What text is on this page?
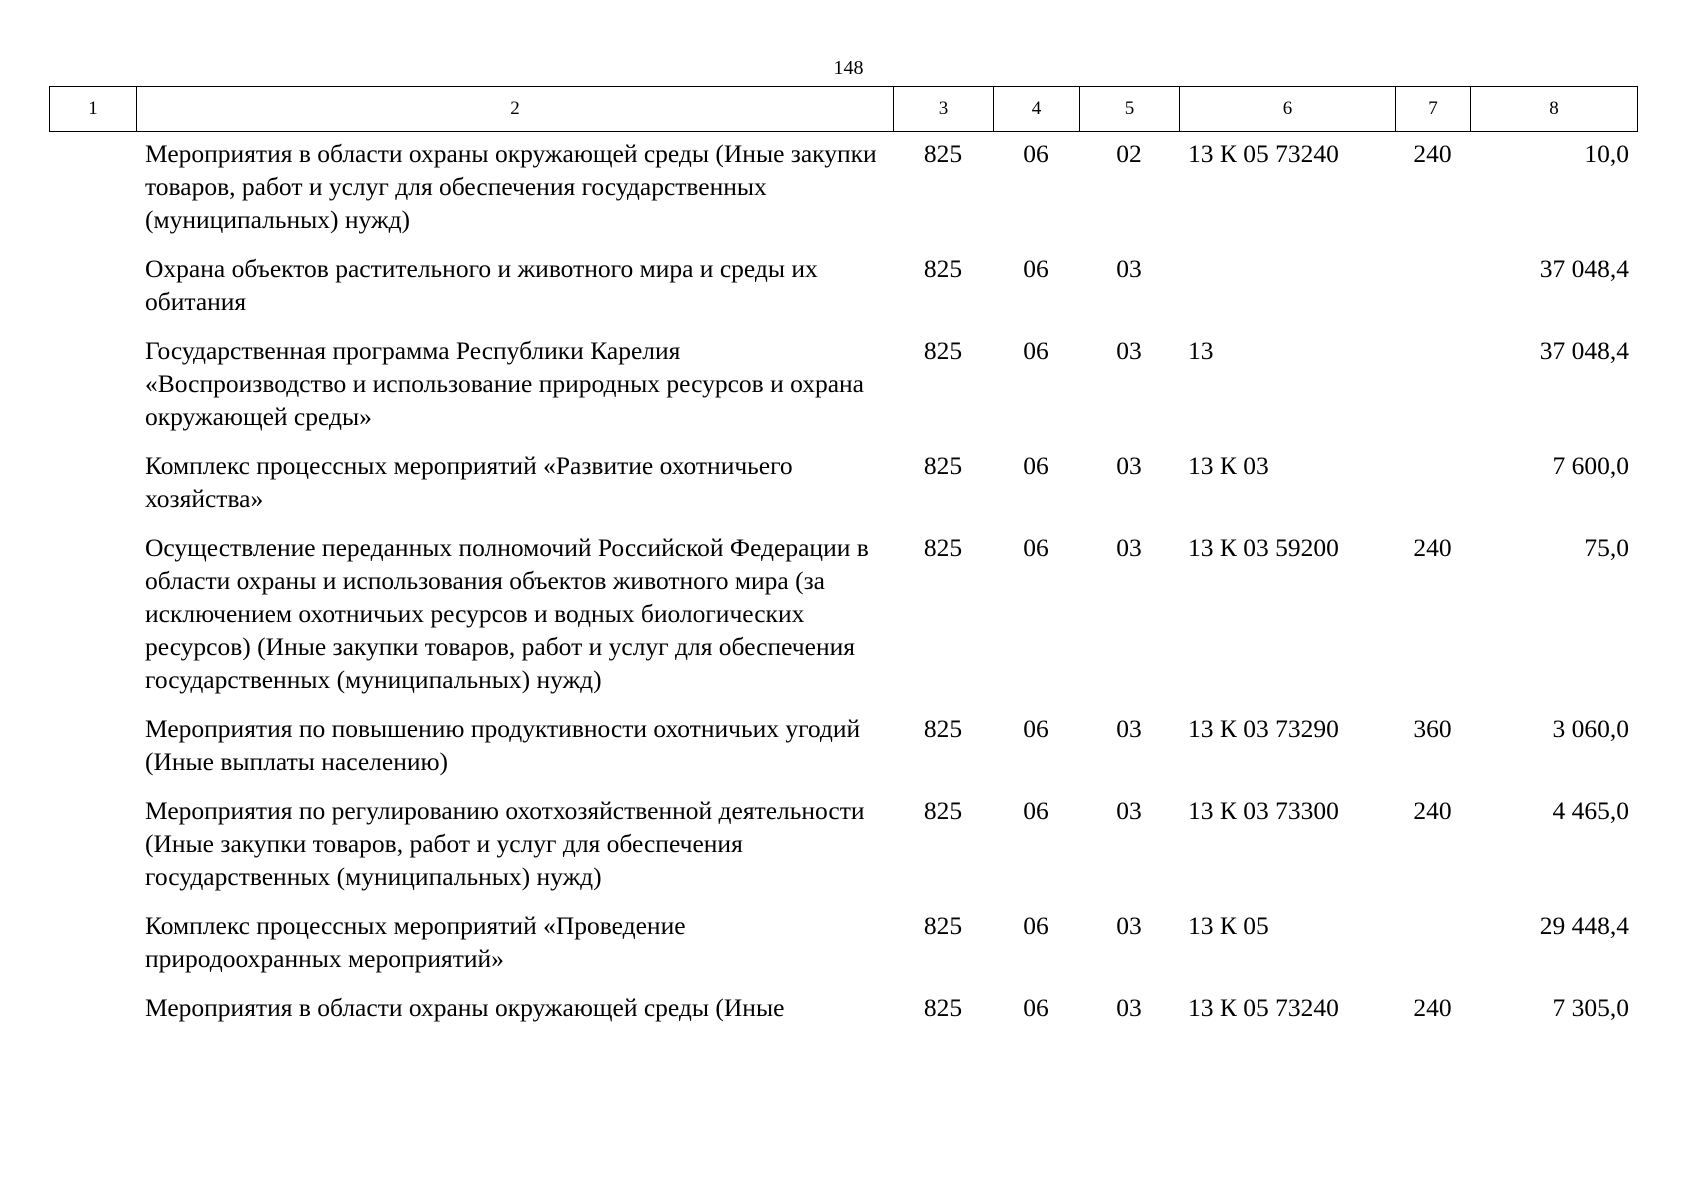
148
1	2	3	4	5	6	7	8
	Мероприятия в области охраны окружающей среды (Иные закупки товаров, работ и услуг для обеспечения государственных (муниципальных) нужд)	825	06	02	13 К 05 73240	240	10,0
	Охрана объектов растительного и животного мира и среды их обитания	825	06	03			37 048,4
	Государственная программа Республики Карелия «Воспроизводство и использование природных ресурсов и охрана окружающей среды»	825	06	03	13		37 048,4
	Комплекс процессных мероприятий «Развитие охотничьего хозяйства»	825	06	03	13 К 03		7 600,0
	Осуществление переданных полномочий Российской Федерации в области охраны и использования объектов животного мира (за исключением охотничьих ресурсов и водных биологических ресурсов) (Иные закупки товаров, работ и услуг для обеспечения государственных (муниципальных) нужд)	825	06	03	13 К 03 59200	240	75,0
	Мероприятия по повышению продуктивности охотничьих угодий (Иные выплаты населению)	825	06	03	13 К 03 73290	360	3 060,0
	Мероприятия по регулированию охотхозяйственной деятельности (Иные закупки товаров, работ и услуг для обеспечения государственных (муниципальных) нужд)	825	06	03	13 К 03 73300	240	4 465,0
	Комплекс процессных мероприятий «Проведение природоохранных мероприятий»	825	06	03	13 К 05		29 448,4
	Мероприятия в области охраны окружающей среды (Иные	825	06	03	13 К 05 73240	240	7 305,0
